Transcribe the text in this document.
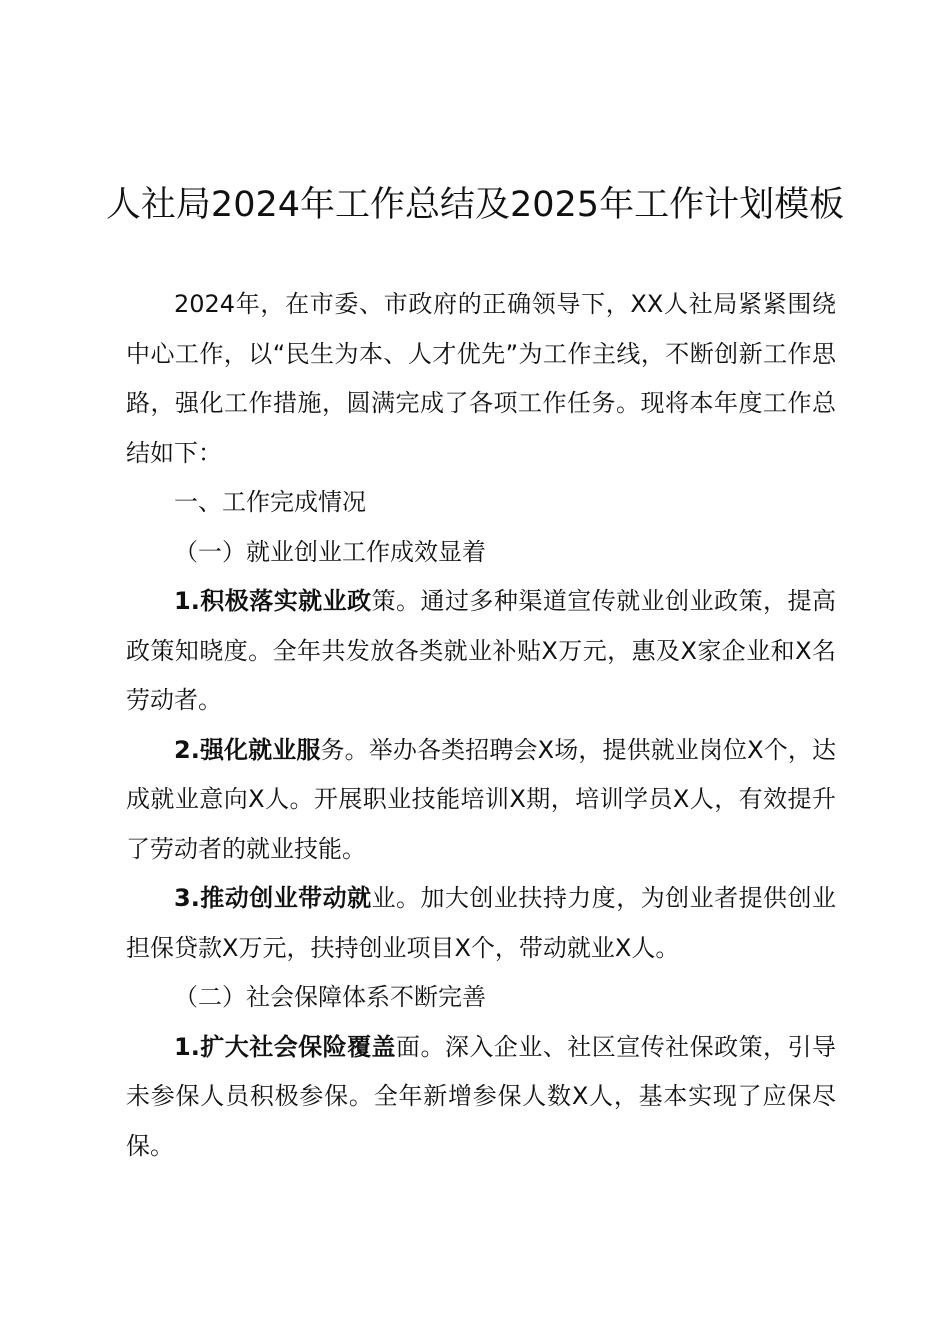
人社局2024年工作总结及2025年工作计划模板

2024年，在市委、市政府的正确领导下，XX人社局紧紧围绕中心工作，以“民生为本、人才优先”为工作主线，不断创新工作思路，强化工作措施，圆满完成了各项工作任务。现将本年度工作总结如下：

一、工作完成情况

（一）就业创业工作成效显着

1.积极落实就业政策。通过多种渠道宣传就业创业政策，提高政策知晓度。全年共发放各类就业补贴X万元，惠及X家企业和X名劳动者。

2.强化就业服务。举办各类招聘会X场，提供就业岗位X个，达成就业意向X人。开展职业技能培训X期，培训学员X人，有效提升了劳动者的就业技能。

3.推动创业带动就业。加大创业扶持力度，为创业者提供创业担保贷款X万元，扶持创业项目X个，带动就业X人。

（二）社会保障体系不断完善

1.扩大社会保险覆盖面。深入企业、社区宣传社保政策，引导未参保人员积极参保。全年新增参保人数X人，基本实现了应保尽保。
